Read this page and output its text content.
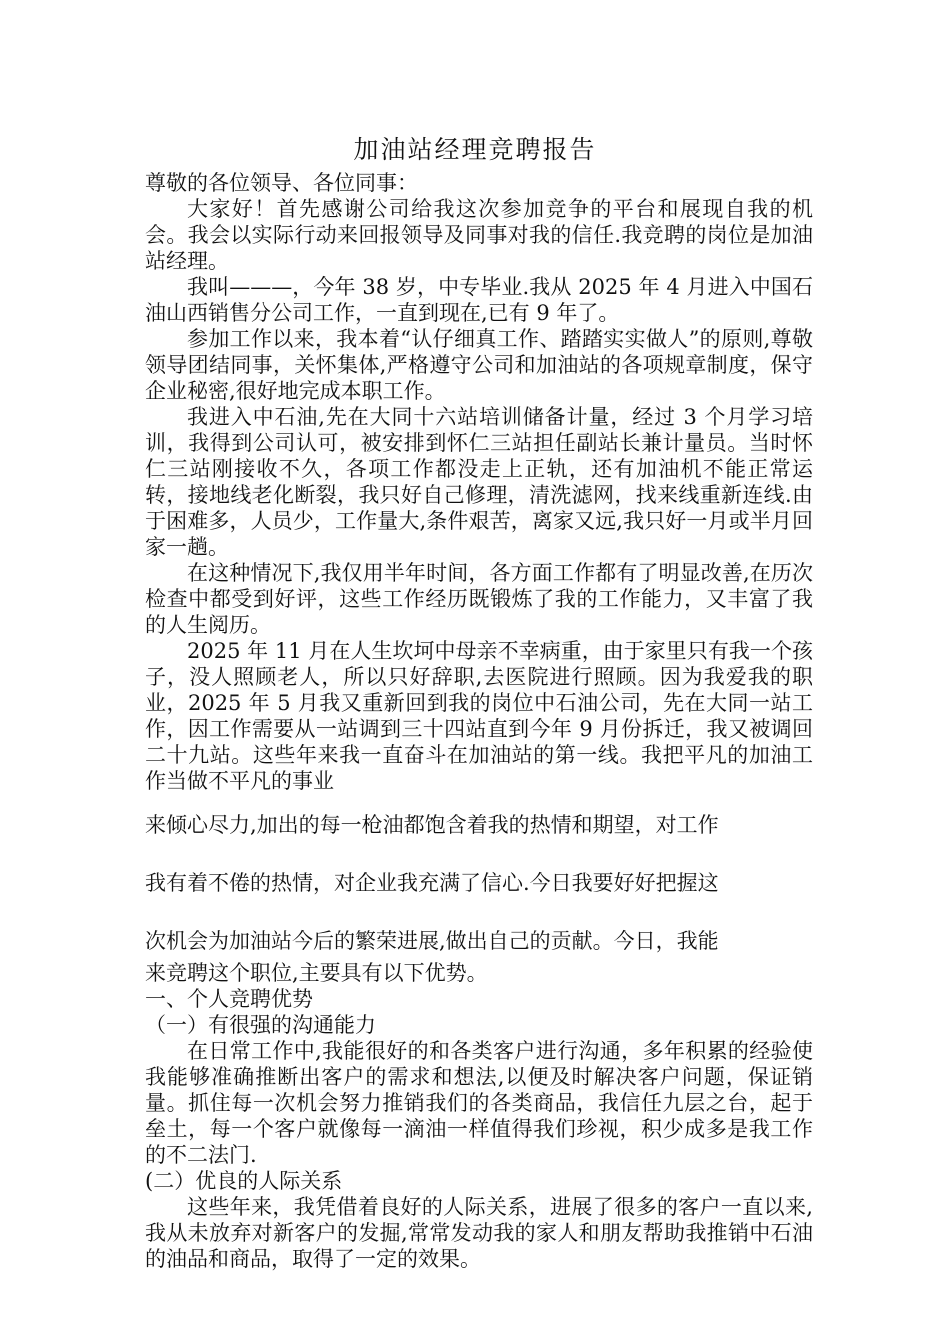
加油站经理竞聘报告

尊敬的各位领导、各位同事：

大家好！首先感谢公司给我这次参加竞争的平台和展现自我的机会。我会以实际行动来回报领导及同事对我的信任.我竞聘的岗位是加油站经理。

我叫———，今年 38 岁，中专毕业.我从 2025 年 4 月进入中国石油山西销售分公司工作，一直到现在,已有 9 年了。

参加工作以来，我本着“认仔细真工作、踏踏实实做人”的原则,尊敬领导团结同事，关怀集体,严格遵守公司和加油站的各项规章制度，保守企业秘密,很好地完成本职工作。

我进入中石油,先在大同十六站培训储备计量，经过 3 个月学习培训，我得到公司认可，被安排到怀仁三站担任副站长兼计量员。当时怀仁三站刚接收不久，各项工作都没走上正轨，还有加油机不能正常运转，接地线老化断裂，我只好自己修理，清洗滤网，找来线重新连线.由于困难多，人员少，工作量大,条件艰苦，离家又远,我只好一月或半月回家一趟。

在这种情况下,我仅用半年时间，各方面工作都有了明显改善,在历次检查中都受到好评，这些工作经历既锻炼了我的工作能力，又丰富了我的人生阅历。

2025 年 11 月在人生坎坷中母亲不幸病重，由于家里只有我一个孩子，没人照顾老人，所以只好辞职,去医院进行照顾。因为我爱我的职业，2025 年 5 月我又重新回到我的岗位中石油公司，先在大同一站工作，因工作需要从一站调到三十四站直到今年 9 月份拆迁，我又被调回二十九站。这些年来我一直奋斗在加油站的第一线。我把平凡的加油工作当做不平凡的事业

来倾心尽力,加出的每一枪油都饱含着我的热情和期望，对工作

我有着不倦的热情，对企业我充满了信心.今日我要好好把握这

次机会为加油站今后的繁荣进展,做出自己的贡献。今日，我能

来竞聘这个职位,主要具有以下优势。

一、个人竞聘优势

（一）有很强的沟通能力

在日常工作中,我能很好的和各类客户进行沟通，多年积累的经验使我能够准确推断出客户的需求和想法,以便及时解决客户问题，保证销量。抓住每一次机会努力推销我们的各类商品，我信任九层之台，起于垒土，每一个客户就像每一滴油一样值得我们珍视，积少成多是我工作的不二法门.

(二）优良的人际关系

这些年来，我凭借着良好的人际关系，进展了很多的客户一直以来,我从未放弃对新客户的发掘,常常发动我的家人和朋友帮助我推销中石油的油品和商品，取得了一定的效果。
